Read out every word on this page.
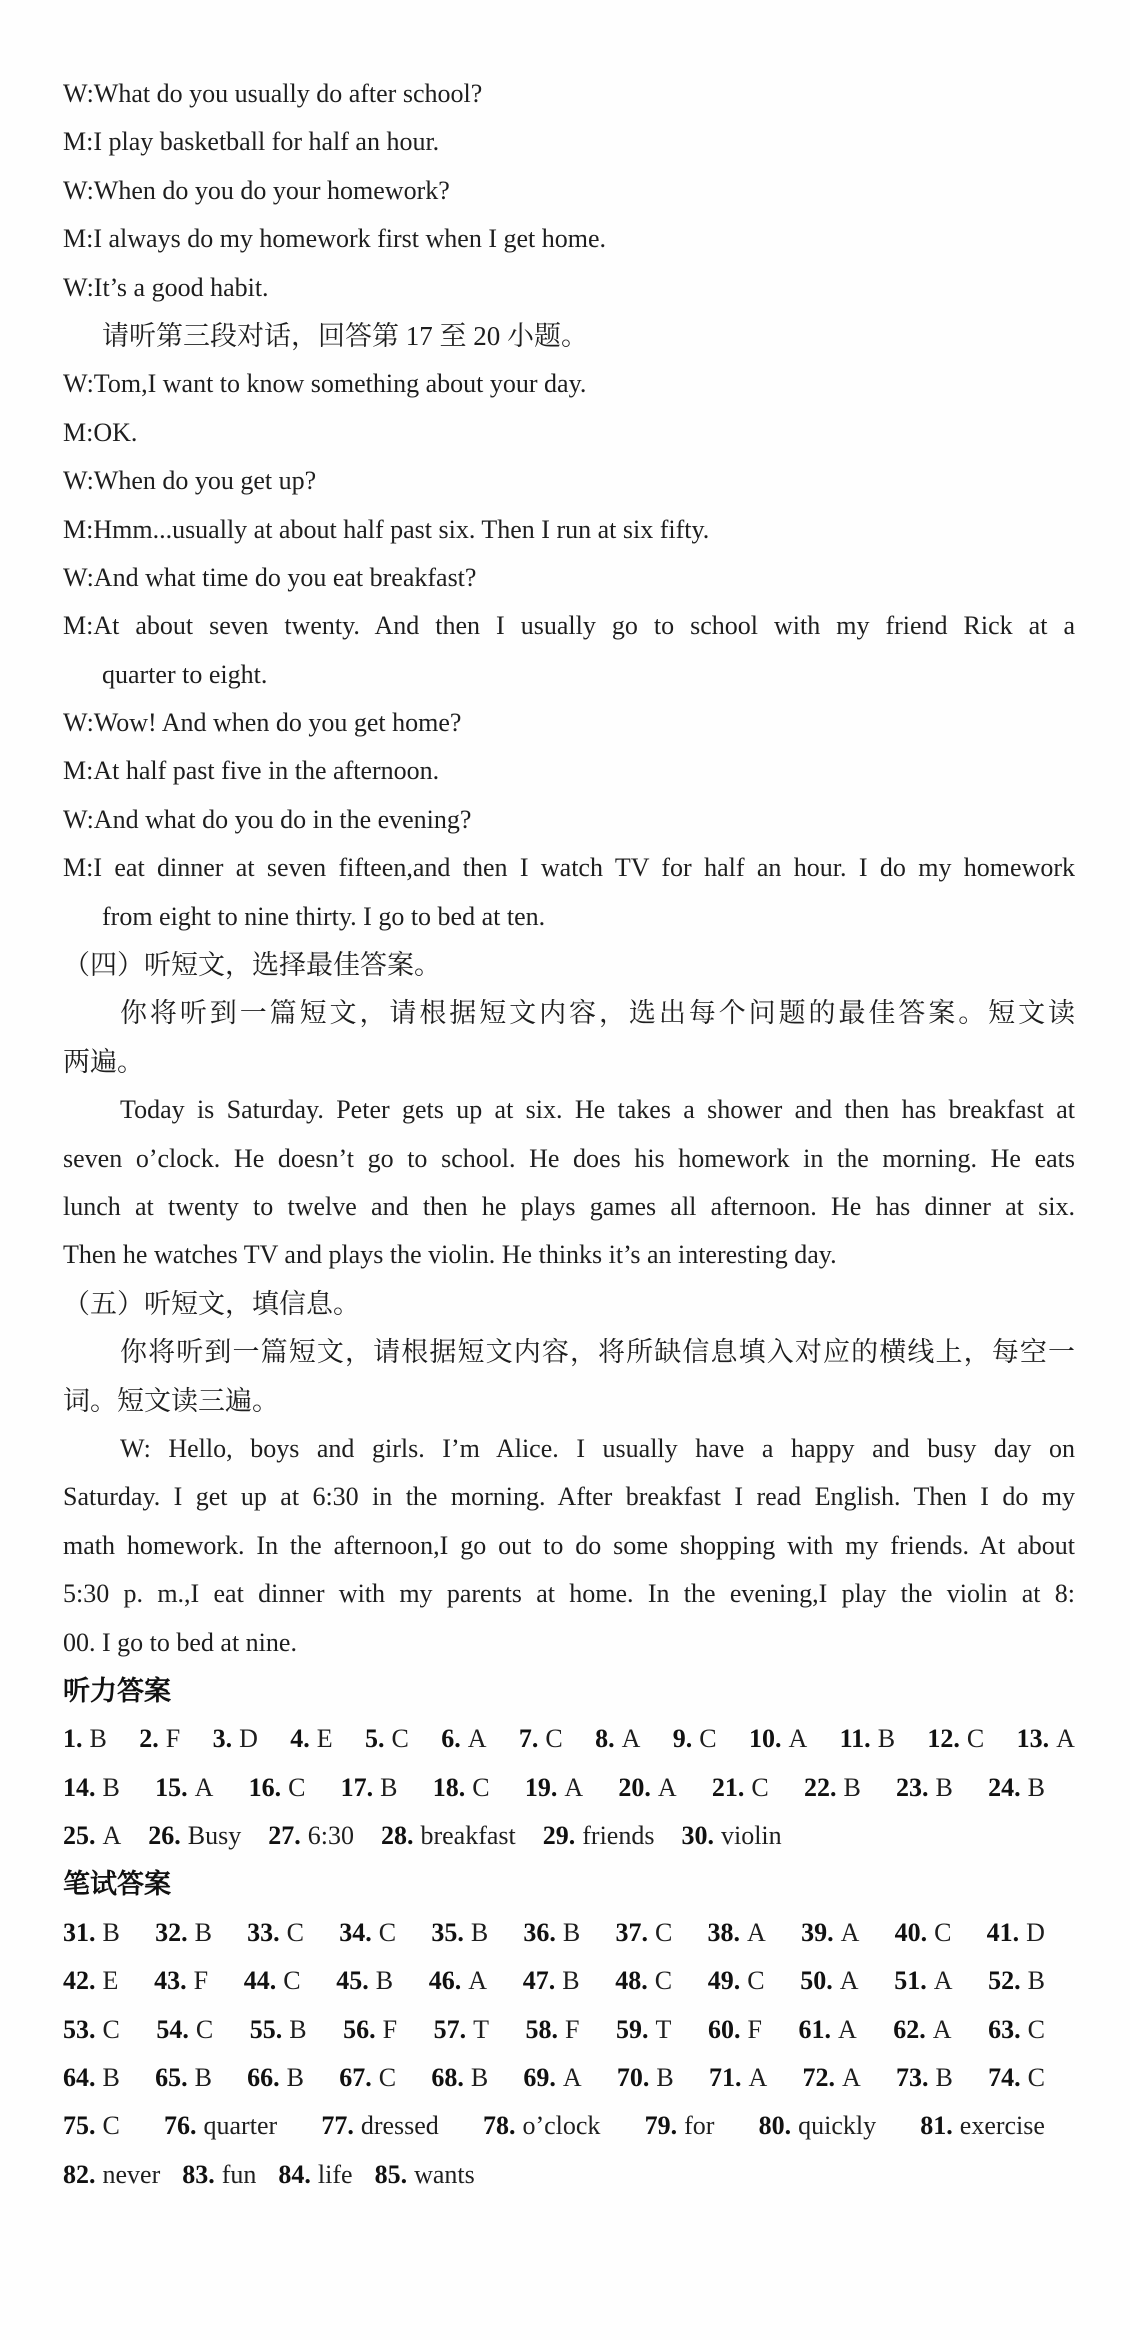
W:What do you usually do after school?
M:I play basketball for half an hour.
W:When do you do your homework?
M:I always do my homework first when I get home.
W:It’s a good habit.
请听第三段对话，回答第 17 至 20 小题。
W:Tom,I want to know something about your day.
M:OK.
W:When do you get up?
M:Hmm...usually at about half past six. Then I run at six fifty.
W:And what time do you eat breakfast?
M:At about seven twenty. And then I usually go to school with my friend Rick at a
quarter to eight.
W:Wow! And when do you get home?
M:At half past five in the afternoon.
W:And what do you do in the evening?
M:I eat dinner at seven fifteen,and then I watch TV for half an hour. I do my homework
from eight to nine thirty. I go to bed at ten.
（四）听短文，选择最佳答案。
你将听到一篇短文，请根据短文内容，选出每个问题的最佳答案。短文读
两遍。
Today is Saturday. Peter gets up at six. He takes a shower and then has breakfast at
seven o’clock. He doesn’t go to school. He does his homework in the morning. He eats
lunch at twenty to twelve and then he plays games all afternoon. He has dinner at six.
Then he watches TV and plays the violin. He thinks it’s an interesting day.
（五）听短文，填信息。
你将听到一篇短文，请根据短文内容，将所缺信息填入对应的横线上，每空一
词。短文读三遍。
W: Hello, boys and girls. I’m Alice. I usually have a happy and busy day on
Saturday. I get up at 6:30 in the morning. After breakfast I read English. Then I do my
math homework. In the afternoon,I go out to do some shopping with my friends. At about
5:30 p. m.,I eat dinner with my parents at home. In the evening,I play the violin at 8:
00. I go to bed at nine.
听力答案
1. B 2. F 3. D 4. E 5. C 6. A 7. C 8. A 9. C 10. A 11. B 12. C 13. A
14. B 15. A 16. C 17. B 18. C 19. A 20. A 21. C 22. B 23. B 24. B
25. A 26. Busy 27. 6:30 28. breakfast 29. friends 30. violin
笔试答案
31. B 32. B 33. C 34. C 35. B 36. B 37. C 38. A 39. A 40. C 41. D
42. E 43. F 44. C 45. B 46. A 47. B 48. C 49. C 50. A 51. A 52. B
53. C 54. C 55. B 56. F 57. T 58. F 59. T 60. F 61. A 62. A 63. C
64. B 65. B 66. B 67. C 68. B 69. A 70. B 71. A 72. A 73. B 74. C
75. C 76. quarter 77. dressed 78. o’clock 79. for 80. quickly 81. exercise
82. never 83. fun 84. life 85. wants
